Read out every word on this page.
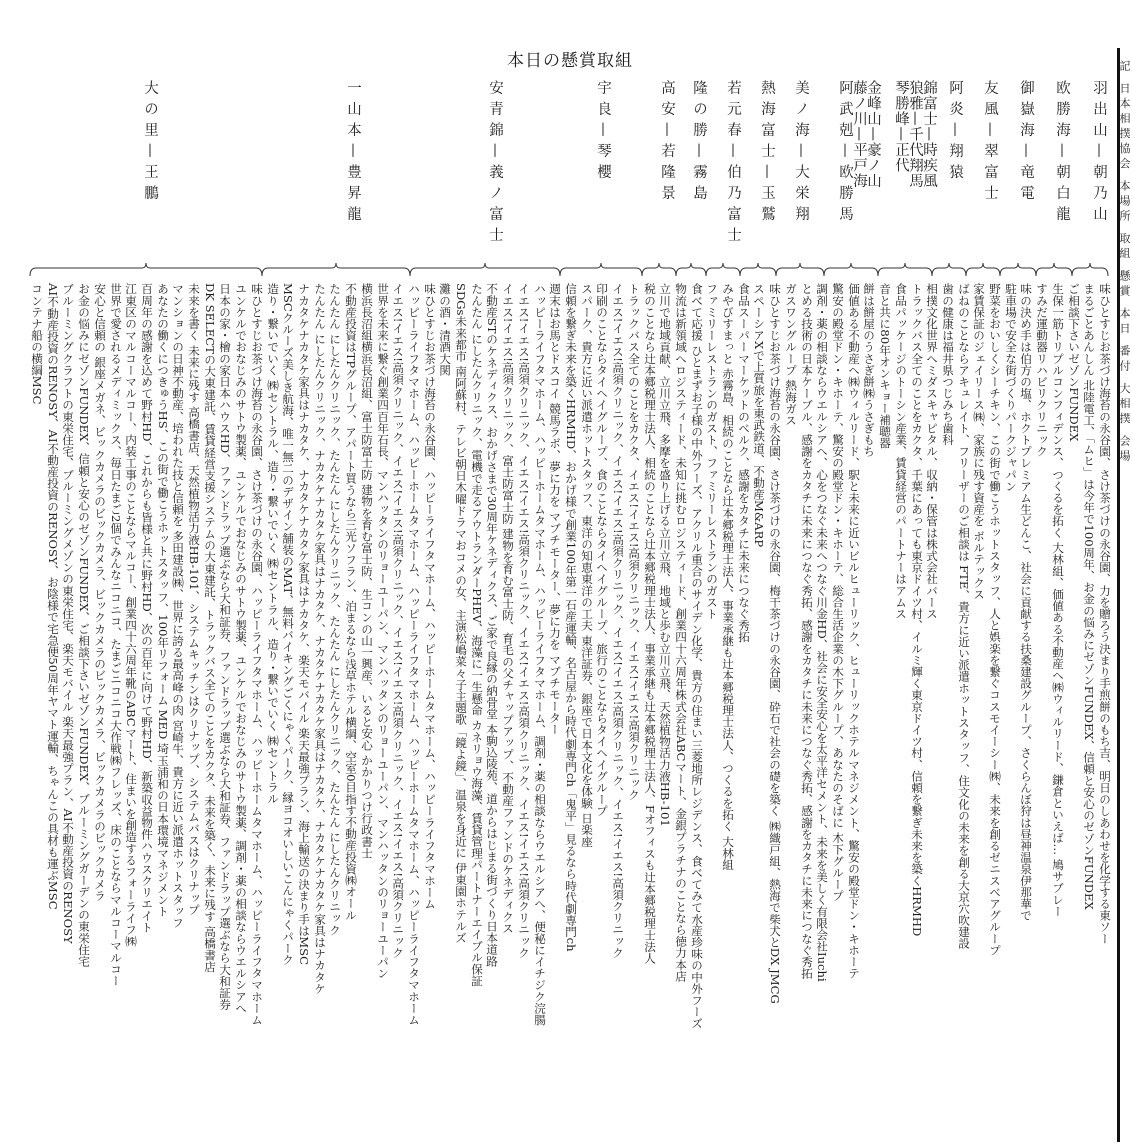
本日の懸賞取組	記 日本相撲協会 本場所 取組 懸賞 本日 番付 大相撲 会場
羽出山—朝乃山
欧勝海—朝白龍
御嶽海—竜電
友風—翠富士
阿炎—翔猿
錦富士—時疾風
狼雅—千代翔馬
琴勝峰—正代
金峰山—豪ノ山
藤ノ川—平戸海
阿武剋—欧勝馬
美ノ海—大栄翔
熱海富士—玉鷲
若元春—伯乃富士
隆の勝—霧島
高安—若隆景
宇良—琴櫻
安青錦—義ノ富士
一山本—豊昇龍
大の里—王鵬
味ひとすじお茶づけ海苔の永谷園、さけ茶づけの永谷園、力を贈ろう決まり手煎餅のもち吉、明日のしあわせを化学する東ソー
まるごとあんしん 北陸電工、「ムヒ」は今年で100周年、お金の悩みにゼゾンFUNDEX、信頼と安心のゼゾンFUNDEX
ご相談下さいゼゾンFUNDEX
生保一筋トリプルコンフィデンス、つくるを拓く 大林組、価値ある不動産へ㈱ウィルリード、鎌倉といえば… 鳩サブレー
すみだ運動器リハビリクリニック
味の決め手は伯方の塩、ホクトプレミアム生どんこ、社会に貢献する扶桑建設グループ、さくらんぼ狩は昼神温泉伊那華で
駐車場で安全な街づくりパークジャパン
野菜をおいしくシーチキン、この街で働こうホットスタッフ、人と娯楽を繋ぐコスモイーシー㈱、未来を創るゼニスベアグループ
家賃保証のジェイリース㈱、家族に残す資産を ボルテックス
ばねのことならアキュレイト、フリーザーのご相談は FTE、貴方に近い派遣ホットスタッフ、住文化の未来を創る大京穴吹建設
歯の健康は福井県つじみち歯科
相撲文化世界へミダスキャピタル、収納・保管は株式会社バース
トラックバス全てのことをカクタ、千葉にあっても東京ドイツ村、イルミ輝く東京ドイツ村、信頼を繋ぎ未来を築くHRMHD
食品パッケージのトーシン産業、賃貸経営のパートナーはアムス
音と共に80年オンキョー補聴器
餅は餅屋のうさぎ餅㈱うさぎもち
価値ある不動産へ㈱ウィルリード、駅と未来に近いビルヒューリック、ヒューリックホテルマネジメント、驚安の殿堂ドン・キホーテ
驚安の殿堂ドン・キホーテ、驚安の殿堂ドン・キホーテ、総合生活企業の木下グループ、あなたのそばに 木下グループ
調剤・薬の相談ならウエルシアへ、心をつなぐ未来へつなぐ川金HD、社会に安全安心を太平洋セメント、未来を美しく有限会社Iuchi
とめる技術の日本ケーブル、感謝をカタチに未来につなぐ秀拓、感謝をカタチに未来につなぐ秀拓、感謝をカタチに未来につなぐ秀拓
ガスワングループ 熱海ガス
味ひとすじお茶づけ海苔の永谷園、さけ茶づけの永谷園、梅干茶づけの永谷園、砕石で社会の礎を築く ㈱織戸組、熱海で柴犬とDX JMCG
スペーシアXで上質旅を東武鉄道、不動産M&ARP
食品スーパーマーケットのベルク、感謝をカタチに未来につなぐ秀拓
みやびすまっと 赤霧島、相続のことなら辻本郷税理士法人、事業承継も辻本郷税理士法人、つくるを拓く 大林組
ファミリーレストランのガスト、ファミリーレストランのガスト
食べて応援 ひとまずお子様の中外フーズ、アクリル重合のサイデン化学、貴方の住まい三菱地所レジデンス、食べてみて水産珍味の中外フーズ
物流は新領域へロジスティード、未知に挑むロジスティード、創業四十六周年株式会社ABCマート、金銀プラチナのことなら徳力本店
立川で地域貢献、立川立飛、多摩を盛り上げる立川立飛、地域と歩む立川立飛、天然植物活力液HB-101
税のことなら辻本郷税理士法人、相続のことなら辻本郷税理士法人、事業承継も辻本郷税理士法人、Fオフィスも辻本郷税理士法人
トラックバス全てのことをカクタ、イエス!イエス!高須クリニック、イエス!イエス!高須クリニック
イエス!イエス!高須クリニック、イエス!イエス!高須クリニック、イエス!イエス!高須クリニック、イエス!イエス!高須クリニック
印刷のことならタイヘイグループ、食のことならタイヘイグループ、旅行のことならタイヘイグループ
スパーク、貴方に近い派遣ホットスタッフ、東洋の知恵東洋の工夫 東洋証券、銀座で日本文化を体験 日楽座
信頼を繋ぎ未来を築くHRMHD、おかげ様で創業100年第一石産運輸、名古屋から時代劇専門ch「鬼平」見るなら時代劇専門ch
週末はお馬とドスコイ 競馬ラボ、夢に力を マブチモーター、夢に力を マブチモーター
ハッピーライフタマホーム、ハッピーホームタマホーム、ハッピーライフタマホーム、調剤・薬の相談ならウエルシアへ、便秘にイチジク浣腸
イエス!イエス!高須クリニック、イエス!イエス!高須クリニック、イエス!イエス!高須クリニック、イエス!イエス!高須クリニック
イエス!イエス!高須クリニック、富士防富士防 建物を育む富士防、育毛の父チャップアップ、不動産ファンドのケネディクス
不動産STのケネディクス、おかげさまで30周年ケネディクス、ご家で良縁の納骨堂 本駒込陵苑、道からはじまる街づくり日本道路
たんたん にしたんクリニック、電機で走るアウトランダーPHEV、海藻に一生懸命 カネリョウ海藻、賃貸管理パートナーエイブル保証
SDGs未来都市 南阿蘇村、テレビ朝日木曜ドラマおコメの女、主演松嶋菜々子主題歌「鏡よ鏡」、温泉を身近に 伊東園ホテルズ
灘の酒・清酒大関
味ひとすじお茶づけ海苔の永谷園、ハッピーライフタマホーム、ハッピーホームタマホーム、ハッピーライフタマホーム
ハッピーライフタマホーム、ハッピーホームタマホーム、ハッピーライフタマホーム、ハッピーホームタマホーム、ハッピーライフタマホーム
イエス!イエス!高須クリニック、イエス!イエス!高須クリニック、イエス!イエス!高須クリニック、イエス!イエス!高須クリニック
世界を未来に繋ぐ創業四百年石長、マンハッタンのリョーユーパン、マンハッタンのリョーユーパン、マンハッタンのリョーユーパン
横浜長沼組横浜長沼組、富士防富士防 建物を育む富士防、生コンの山一興産、いると安心 かかりつけ行政書士
不動産投資はTPグループ、アパート買うなら三光ソフラン、泊まるなら浅草ホテル横綱、空室0目指す不動産投資㈱オール
たんたん にしたんクリニック、たんたん にしたんクリニック、たんたん にしたんクリニック、たんたん にしたんクリニック
たんたん にしたんクリニック、ナカタケナカタケ家具はナカタケ、ナカタケナカタケ家具はナカタケ、ナカタケナカタケ家具はナカタケ
ナカタケナカタケ家具はナカタケ、ナカタケナカタケ家具はナカタケ、楽天モバイル 楽天最強プラン、海上輸送の決まり手はMSC
MSCクルーズ美しき航海、唯一無二のデザイン舗装のMAT、無料バイキングごくにゃくパーク、縁ヨコオいしいこんにゃくパーク
造り・繋いでいく ㈱セントラル、造り・繋いでいく ㈱セントラル、造り・繋いでいく ㈱セントラル
味ひとすじお茶づけ海苔の永谷園、さけ茶づけの永谷園、ハッピーライフタマホーム、ハッピーホームタマホーム、ハッピーライフタマホーム
ユンケルでおなじみのサトウ製薬、ユンケルでおなじみのサトウ製薬、ユンケルでおなじみのサトウ製薬、調剤・薬の相談ならウエルシアへ
日本の家・檜の家日本ハウスHD、ファンドラップ選ぶなら大和証券、ファンドラップ選ぶなら大和証券、ファンドラップ選ぶなら大和証券
DK SELECTの大東建託、賃貸経営支援システムの大東建託、トラックバス全てのことをカクタ、未来を築く、未来に残す 高橋書店
未来を書く 未来に残す 高橋書店、天然植物活力液HB-101、システムキッチンはクリナップ、システムバスはクリナップ
マンションの日神不動産、培われた技と信頼を 多田建設㈱、世界に誇る最高峰の肉 宮崎牛、貴方に近い派遣ホットスタッフ
あなたの働くにつきゅうHS、この街で働こうホットスタッフ、100年リフォーム MED 埼玉浦和の日本環境マネジメント
百周年の感謝を込めて野村HD、これからも皆様と共に野村HD、次の百年に向けて野村HD、新築収益物件ハウスクリエイト
江東区のマルコーマルコー、内装工事のことならマルコー、創業四十六周年靴のABCマート、住まいを創造するフォーライフ㈱
世界で愛されるメディミックス、毎日たまご2個でみんなニコニコ、たまごニコニコ大作戦㈱フレッズ、床のことならマルコーマルコー
安心と信頼の 銀座メガネ、ビックカメラのビックカメラ、ビックカメラのビックカメラ、ビックカメラのビックカメラ
お金の悩みにゼゾンFUNDEX、信頼と安心のゼゾンFUNDEX、ご相談下さいゼゾンFUNDEX、ブルーミングガーデンの東栄住宅
ブルーミングクラフトの東栄住宅、ブルーミングメゾンの東栄住宅、楽天モバイル 楽天最強プラン、AI不動産投資のRENOSY
AI不動産投資のRENOSY、AI不動産投資のRENOSY、お陰様で宅急便50周年ヤマト運輸、ちゃんこの具材も運ぶMSC
コンテナ船の横綱MSC
